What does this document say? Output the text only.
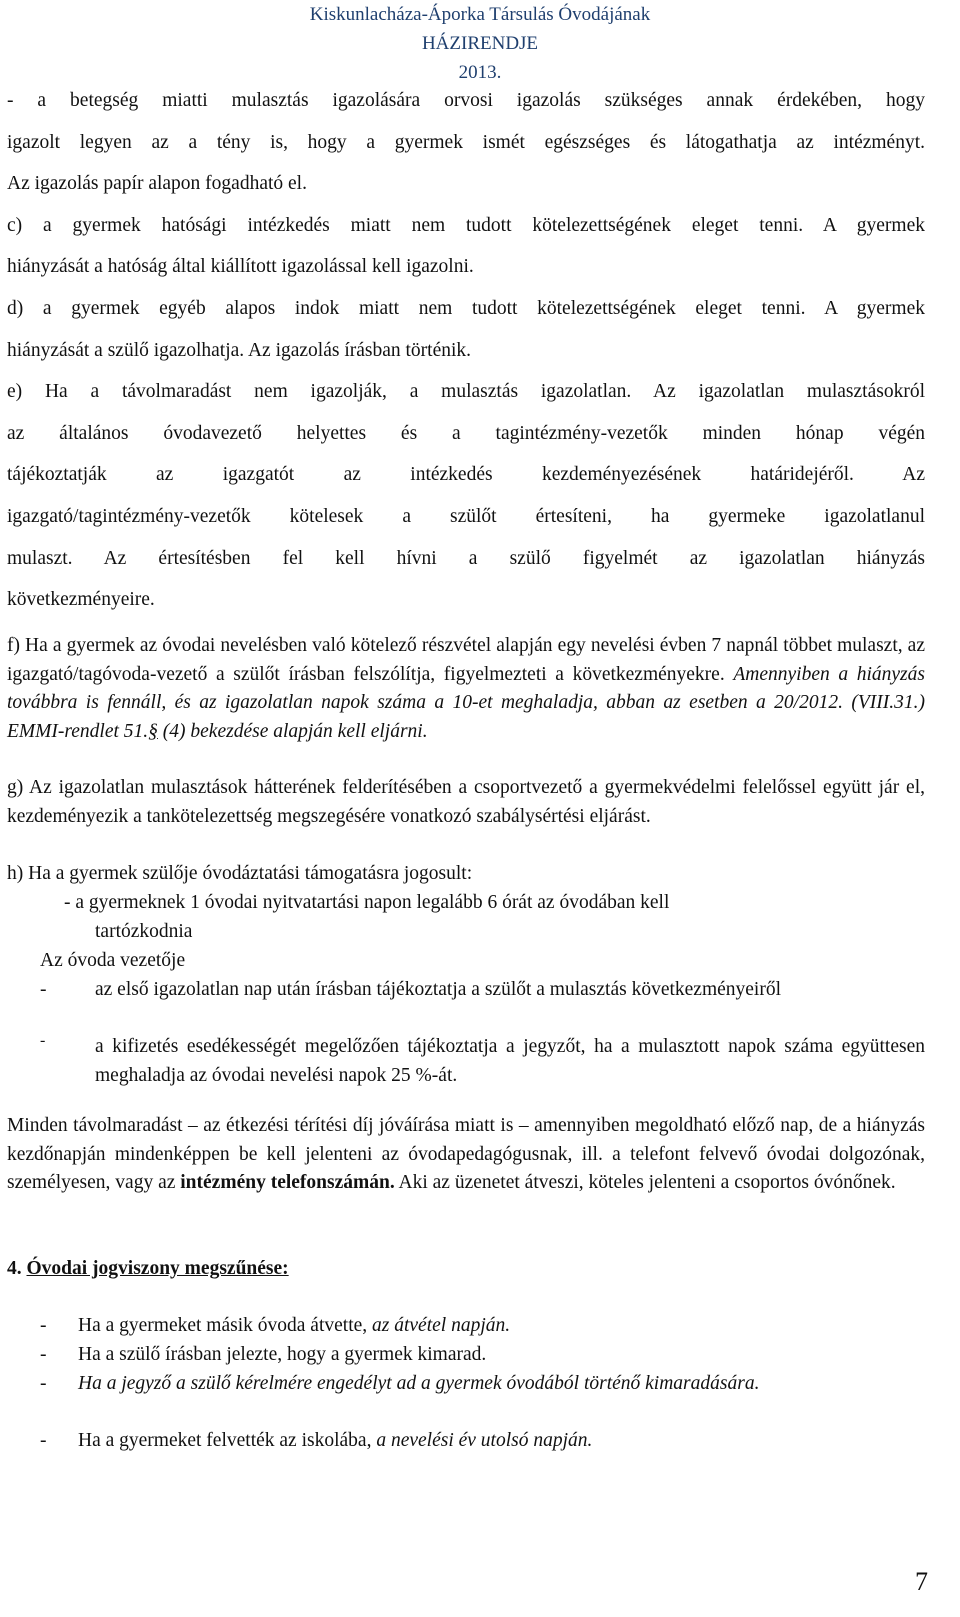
Kiskunlacháza-Áporka Társulás Óvodájának
HÁZIRENDJE
2013.
- a betegség miatti mulasztás igazolására orvosi igazolás szükséges annak érdekében, hogy
igazolt legyen az a tény is, hogy a gyermek ismét egészséges és látogathatja az intézményt.
Az igazolás papír alapon fogadható el.
c) a gyermek hatósági intézkedés miatt nem tudott kötelezettségének eleget tenni. A gyermek
hiányzását a hatóság által kiállított igazolással kell igazolni.
d) a gyermek egyéb alapos indok miatt nem tudott kötelezettségének eleget tenni. A gyermek
hiányzását a szülő igazolhatja. Az igazolás írásban történik.
e) Ha a távolmaradást nem igazolják, a mulasztás igazolatlan. Az igazolatlan mulasztásokról
az általános óvodavezető helyettes és a tagintézmény-vezetők minden hónap végén
tájékoztatják az igazgatót az intézkedés kezdeményezésének határidejéről. Az
igazgató/tagintézmény-vezetők kötelesek a szülőt értesíteni, ha gyermeke igazolatlanul
mulaszt. Az értesítésben fel kell hívni a szülő figyelmét az igazolatlan hiányzás
következményeire.

f) Ha a gyermek az óvodai nevelésben való kötelező részvétel alapján egy nevelési évben 7 napnál többet mulaszt, az igazgató/tagóvoda-vezető a szülőt írásban felszólítja, figyelmezteti a következményekre. Amennyiben a hiányzás továbbra is fennáll, és az igazolatlan napok száma a 10-et meghaladja, abban az esetben a 20/2012. (VIII.31.) EMMI-rendlet 51.§ (4) bekezdése alapján kell eljárni.

g) Az igazolatlan mulasztások hátterének felderítésében a csoportvezető a gyermekvédelmi felelőssel együtt jár el, kezdeményezik a tankötelezettség megszegésére vonatkozó szabálysértési eljárást.

h) Ha a gyermek szülője óvodáztatási támogatásra jogosult:

- a gyermeknek 1 óvodai nyitvatartási napon legalább 6 órát az óvodában kell

tartózkodnia

Az óvoda vezetője

- az első igazolatlan nap után írásban tájékoztatja a szülőt a mulasztás következményeiről

-	a kifizetés esedékességét megelőzően tájékoztatja a jegyzőt, ha a mulasztott napok száma együttesen meghaladja az óvodai nevelési napok 25 %-át.

Minden távolmaradást – az étkezési térítési díj jóváírása miatt is – amennyiben megoldható előző nap, de a hiányzás kezdőnapján mindenképpen be kell jelenteni az óvodapedagógusnak, ill. a telefont felvevő óvodai dolgozónak, személyesen, vagy az intézmény telefonszámán. Aki az üzenetet átveszi, köteles jelenteni a csoportos óvónőnek.

4. Óvodai jogviszony megszűnése:

- Ha a gyermeket másik óvoda átvette, az átvétel napján.

- Ha a szülő írásban jelezte, hogy a gyermek kimarad.

- Ha a jegyző a szülő kérelmére engedélyt ad a gyermek óvodából történő kimaradására.

- Ha a gyermeket felvették az iskolába, a nevelési év utolsó napján.

7
